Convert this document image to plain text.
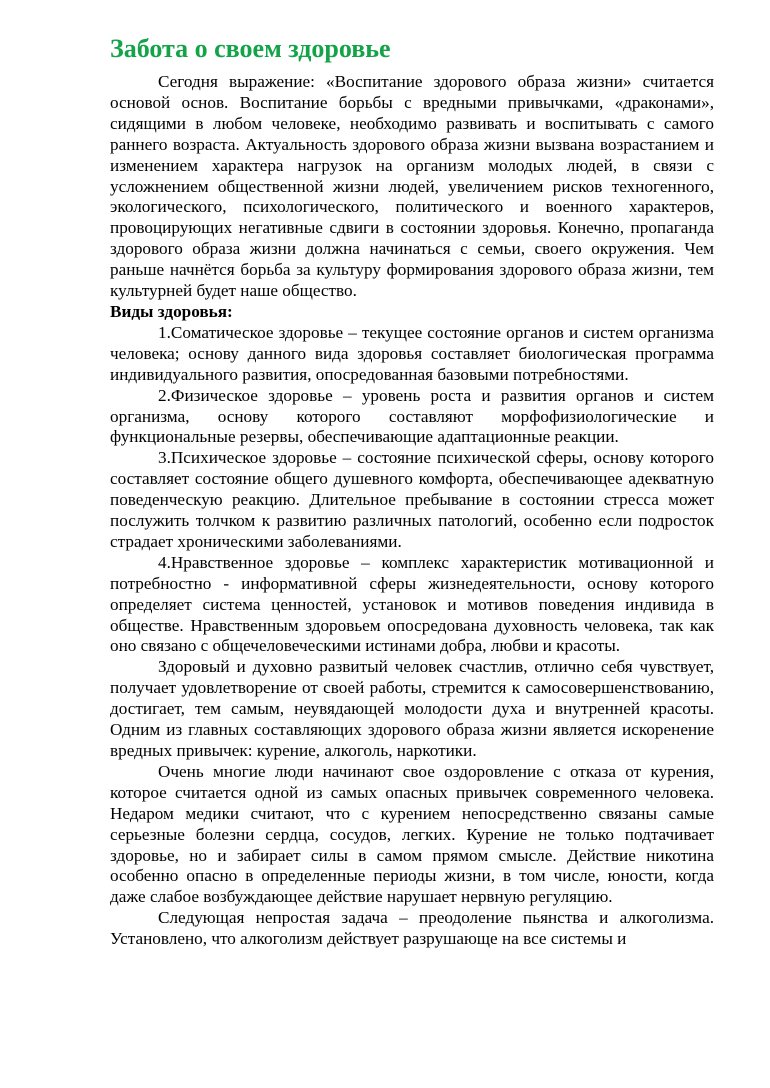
Забота о своем здоровье

Сегодня выражение: «Воспитание здорового образа жизни» считается основой основ. Воспитание борьбы с вредными привычками, «драконами», сидящими в любом человеке, необходимо развивать и воспитывать с самого раннего возраста. Актуальность здорового образа жизни вызвана возрастанием и изменением характера нагрузок на организм молодых людей, в связи с усложнением общественной жизни людей, увеличением рисков техногенного, экологического, психологического, политического и военного характеров, провоцирующих негативные сдвиги в состоянии здоровья. Конечно, пропаганда здорового образа жизни должна начинаться с семьи, своего окружения. Чем раньше начнётся борьба за культуру формирования здорового образа жизни, тем культурней будет наше общество.

Виды здоровья:

1.Соматическое здоровье – текущее состояние органов и систем организма человека; основу данного вида здоровья составляет биологическая программа индивидуального развития, опосредованная базовыми потребностями.

2.Физическое здоровье – уровень роста и развития органов и систем организма, основу которого составляют морфофизиологические и функциональные резервы, обеспечивающие адаптационные реакции.

3.Психическое здоровье – состояние психической сферы, основу которого составляет состояние общего душевного комфорта, обеспечивающее адекватную поведенческую реакцию. Длительное пребывание в состоянии стресса может послужить толчком к развитию различных патологий, особенно если подросток страдает хроническими заболеваниями.

4.Нравственное здоровье – комплекс характеристик мотивационной и потребностно - информативной сферы жизнедеятельности, основу которого определяет система ценностей, установок и мотивов поведения индивида в обществе. Нравственным здоровьем опосредована духовность человека, так как оно связано с общечеловеческими истинами добра, любви и красоты.

Здоровый и духовно развитый человек счастлив, отлично себя чувствует, получает удовлетворение от своей работы, стремится к самосовершенствованию, достигает, тем самым, неувядающей молодости духа и внутренней красоты. Одним из главных составляющих здорового образа жизни является искоренение вредных привычек: курение, алкоголь, наркотики.

Очень многие люди начинают свое оздоровление с отказа от курения, которое считается одной из самых опасных привычек современного человека. Недаром медики считают, что с курением непосредственно связаны самые серьезные болезни сердца, сосудов, легких. Курение не только подтачивает здоровье, но и забирает силы в самом прямом смысле. Действие никотина особенно опасно в определенные периоды жизни, в том числе, юности, когда даже слабое возбуждающее действие нарушает нервную регуляцию.

Следующая непростая задача – преодоление пьянства и алкоголизма. Установлено, что алкоголизм действует разрушающе на все системы и
